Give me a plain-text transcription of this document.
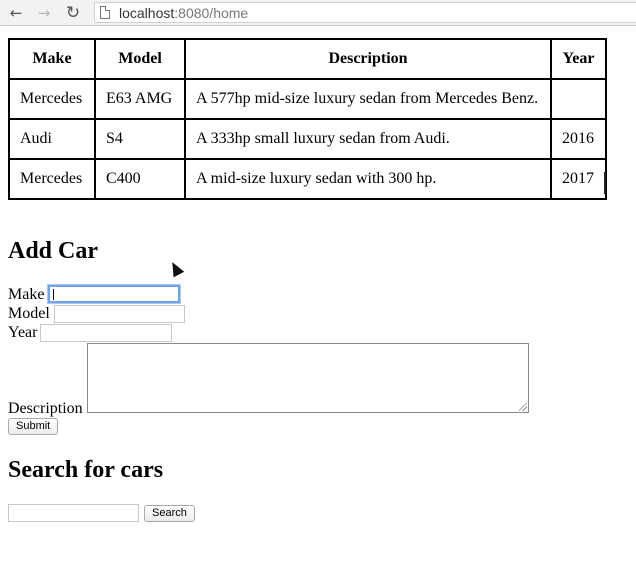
← → ↻	localhost:8080/home
Make	Model	Description	Year
Mercedes	E63 AMG	A 577hp mid-size luxury sedan from Mercedes Benz.	
Audi	S4	A 333hp small luxury sedan from Audi.	2016
Mercedes	C400	A mid-size luxury sedan with 300 hp.	2017
Add Car
Make
Model
Year
Description
Submit
Search for cars
Search
